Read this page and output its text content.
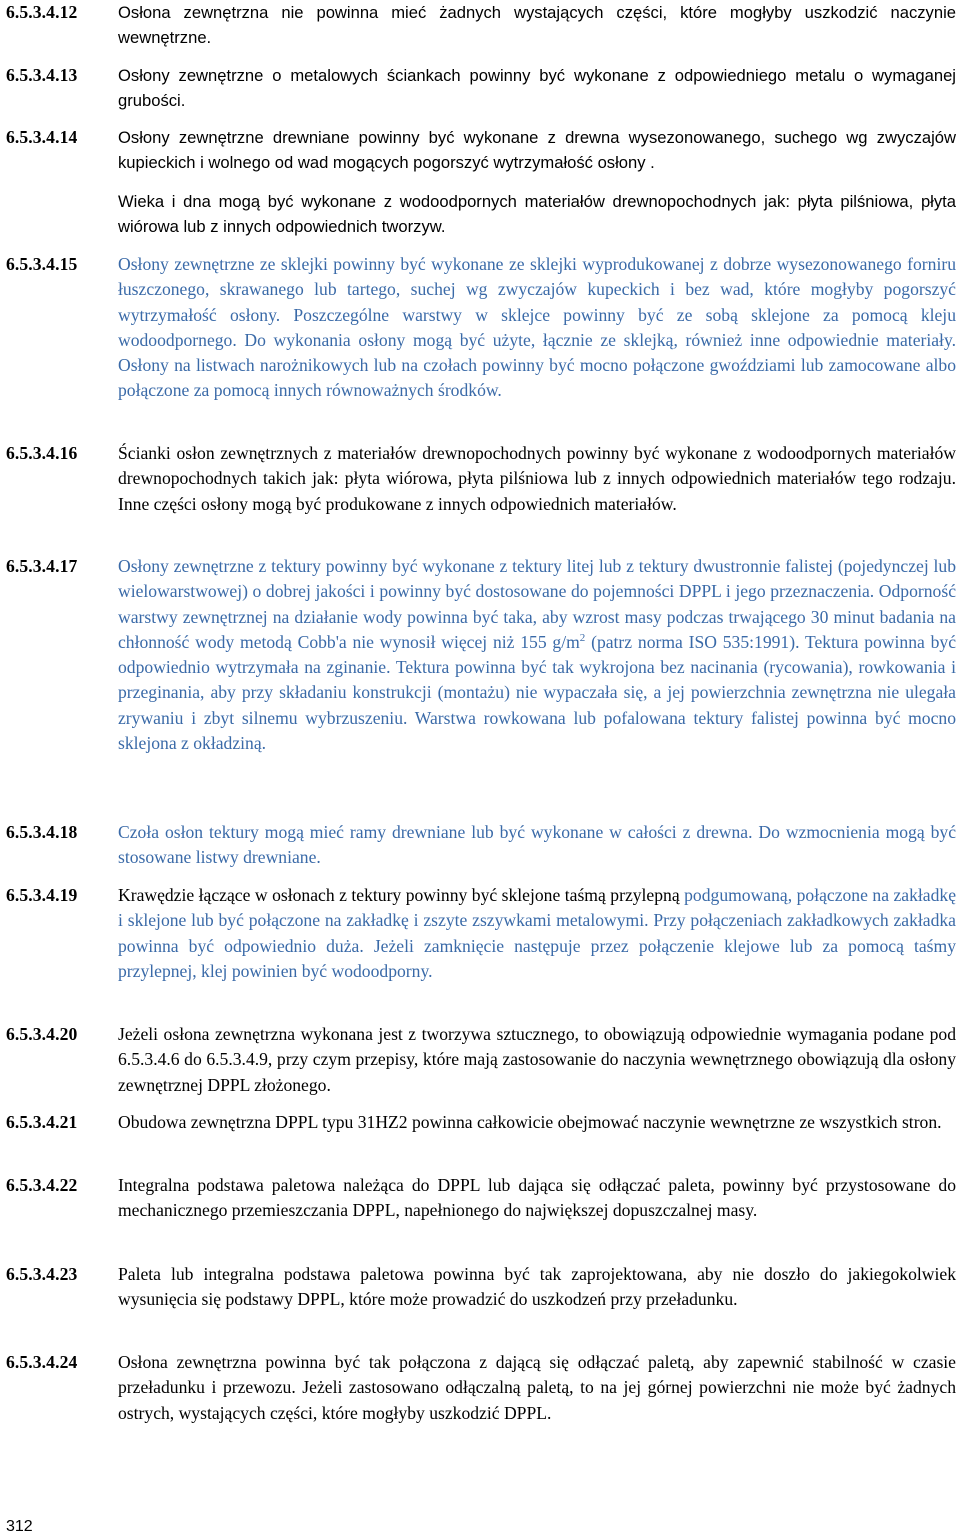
6.5.3.4.12	Osłona zewnętrzna nie powinna mieć żadnych wystających części, które mogłyby uszkodzić naczynie wewnętrzne.
6.5.3.4.13	Osłony zewnętrzne o metalowych ściankach powinny być wykonane z odpowiedniego metalu o wymaganej grubości.
6.5.3.4.14	Osłony zewnętrzne drewniane powinny być wykonane z drewna wysezonowanego, suchego wg zwyczajów kupieckich i wolnego od wad mogących pogorszyć wytrzymałość osłony .
Wieka i dna mogą być wykonane z wodoodpornych materiałów drewnopochodnych jak: płyta pilśniowa, płyta wiórowa lub z innych odpowiednich tworzyw.
6.5.3.4.15	Osłony zewnętrzne ze sklejki powinny być wykonane ze sklejki wyprodukowanej z dobrze wysezonowanego forniru łuszczonego, skrawanego lub tartego, suchej wg zwyczajów kupeckich i bez wad, które mogłyby pogorszyć wytrzymałość osłony. Poszczególne warstwy w sklejce powinny być ze sobą sklejone za pomocą kleju wodoodpornego. Do wykonania osłony mogą być użyte, łącznie ze sklejką, również inne odpowiednie materiały. Osłony na listwach narożnikowych lub na czołach powinny być mocno połączone gwoździami lub zamocowane albo połączone za pomocą innych równoważnych środków.
6.5.3.4.16	Ścianki osłon zewnętrznych z materiałów drewnopochodnych powinny być wykonane z wodoodpornych materiałów drewnopochodnych takich jak: płyta wiórowa, płyta pilśniowa lub z innych odpowiednich materiałów tego rodzaju. Inne części osłony mogą być produkowane z innych odpowiednich materiałów.
6.5.3.4.17	Osłony zewnętrzne z tektury powinny być wykonane z tektury litej lub z tektury dwustronnie falistej (pojedynczej lub wielowarstwowej) o dobrej jakości i powinny być dostosowane do pojemności DPPL i jego przeznaczenia. Odporność warstwy zewnętrznej na działanie wody powinna być taka, aby wzrost masy podczas trwającego 30 minut badania na chłonność wody metodą Cobb'a nie wynosił więcej niż 155 $g/m^2$ (patrz norma ISO 535:1991). Tektura powinna być odpowiednio wytrzymała na zginanie. Tektura powinna być tak wykrojona bez nacinania (rycowania), rowkowania i przeginania, aby przy składaniu konstrukcji (montażu) nie wypaczała się, a jej powierzchnia zewnętrzna nie ulegała zrywaniu i zbyt silnemu wybrzuszeniu. Warstwa rowkowana lub pofalowana tektury falistej powinna być mocno sklejona z okładziną.
6.5.3.4.18	Czoła osłon tektury mogą mieć ramy drewniane lub być wykonane w całości z drewna. Do wzmocnienia mogą być stosowane listwy drewniane.
6.5.3.4.19	Krawędzie łączące w osłonach z tektury powinny być sklejone taśmą przylepną podgumowaną, połączone na zakładkę i sklejone lub być połączone na zakładkę i zszyte zszywkami metalowymi. Przy połączeniach zakładkowych zakładka powinna być odpowiednio duża. Jeżeli zamknięcie następuje przez połączenie klejowe lub za pomocą taśmy przylepnej, klej powinien być wodoodporny.
6.5.3.4.20	Jeżeli osłona zewnętrzna wykonana jest z tworzywa sztucznego, to obowiązują odpowiednie wymagania podane pod 6.5.3.4.6 do 6.5.3.4.9, przy czym przepisy, które mają zastosowanie do naczynia wewnętrznego obowiązują dla osłony zewnętrznej DPPL złożonego.
6.5.3.4.21	Obudowa zewnętrzna DPPL typu 31HZ2 powinna całkowicie obejmować naczynie wewnętrzne ze wszystkich stron.
6.5.3.4.22	Integralna podstawa paletowa należąca do DPPL lub dająca się odłączać paleta, powinny być przystosowane do mechanicznego przemieszczania DPPL, napełnionego do największej dopuszczalnej masy.
6.5.3.4.23	Paleta lub integralna podstawa paletowa powinna być tak zaprojektowana, aby nie doszło do jakiegokolwiek wysunięcia się podstawy DPPL, które może prowadzić do uszkodzeń przy przeładunku.
6.5.3.4.24	Osłona zewnętrzna powinna być tak połączona z dającą się odłączać paletą, aby zapewnić stabilność w czasie przeładunku i przewozu. Jeżeli zastosowano odłączalną paletą, to na jej górnej powierzchni nie może być żadnych ostrych, wystających części, które mogłyby uszkodzić DPPL.
312
